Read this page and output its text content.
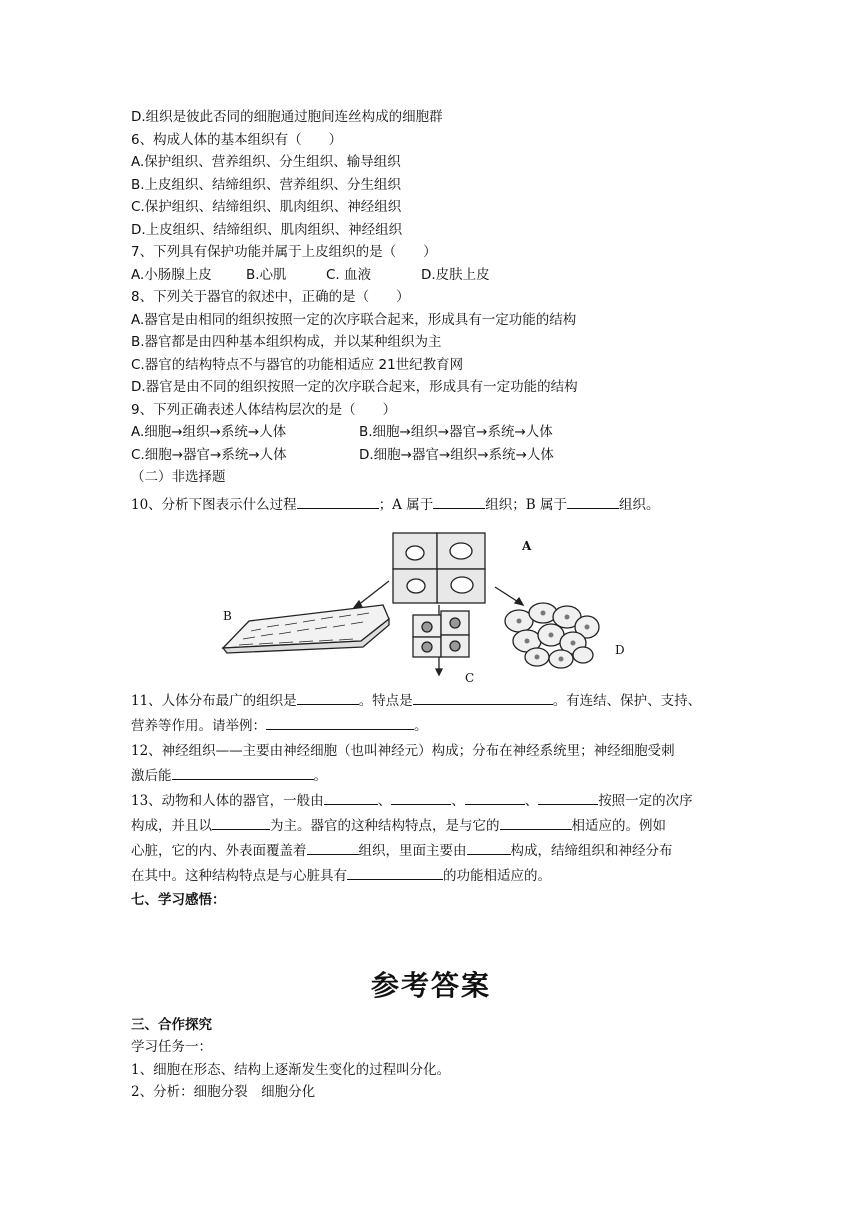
D.组织是彼此否同的细胞通过胞间连丝构成的细胞群
6、构成人体的基本组织有（　　）
A.保护组织、营养组织、分生组织、输导组织
B.上皮组织、结缔组织、营养组织、分生组织
C.保护组织、结缔组织、肌肉组织、神经组织
D.上皮组织、结缔组织、肌肉组织、神经组织
7、下列具有保护功能并属于上皮组织的是（　　）
A.小肠腺上皮	B.心肌	C. 血液	D.皮肤上皮
8、下列关于器官的叙述中，正确的是（　　）
A.器官是由相同的组织按照一定的次序联合起来，形成具有一定功能的结构
B.器官都是由四种基本组织构成，并以某种组织为主
C.器官的结构特点不与器官的功能相适应 21世纪教育网
D.器官是由不同的组织按照一定的次序联合起来，形成具有一定功能的结构
9、下列正确表述人体结构层次的是（　　）
A.细胞→组织→系统→人体	B.细胞→组织→器官→系统→人体
C.细胞→器官→系统→人体	D.细胞→器官→组织→系统→人体
（二）非选择题
10、分析下图表示什么过程	；A 属于	组织；B 属于	组织。
A
B
C
D
11、人体分布最广的组织是	。特点是	。有连结、保护、支持、
营养等作用。请举例：	。
12、神经组织——主要由神经细胞（也叫神经元）构成；分布在神经系统里；神经细胞受刺
激后能	。
13、动物和人体的器官，一般由	、	、	、	按照一定的次序
构成，并且以	为主。器官的这种结构特点，是与它的	相适应的。例如
心脏，它的内、外表面覆盖着	组织，里面主要由	构成，结缔组织和神经分布
在其中。这种结构特点是与心脏具有	的功能相适应的。
七、学习感悟：
参考答案
三、合作探究
学习任务一：
1、细胞在形态、结构上逐渐发生变化的过程叫分化。
2、分析：细胞分裂　细胞分化
